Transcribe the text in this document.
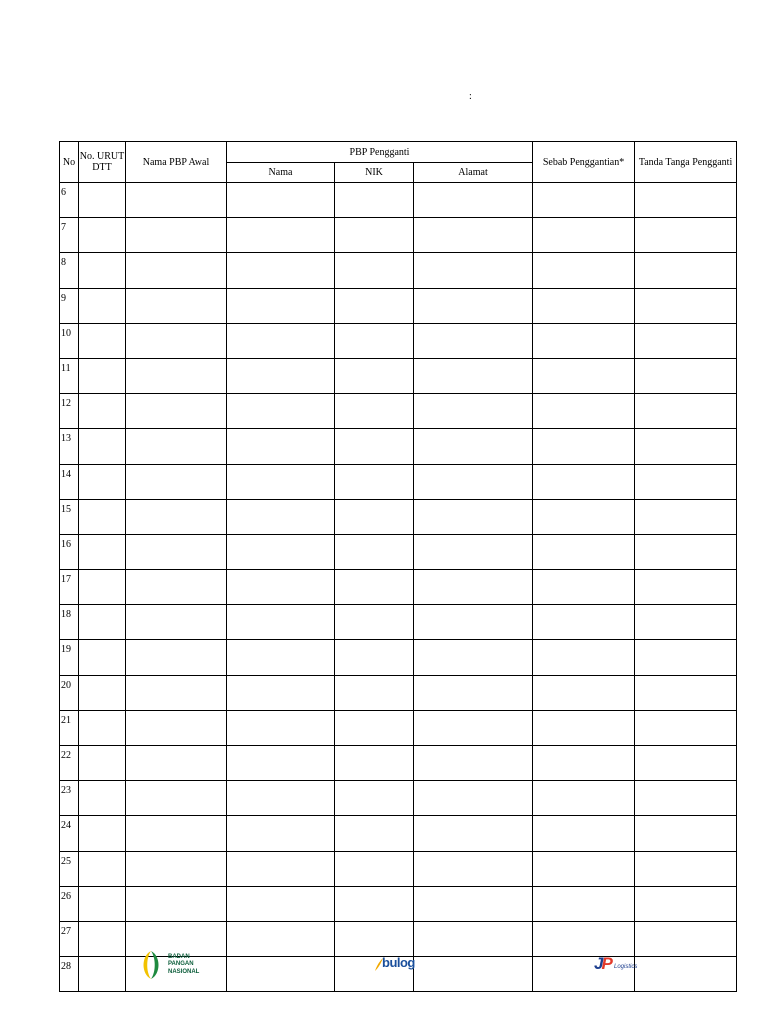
:
No	No. URUT DTT	Nama PBP Awal	PBP Pengganti			Sebab Penggantian*	Tanda Tanga Pengganti
			Nama	NIK	Alamat		
6							
7							
8							
9							
10							
11							
12							
13							
14							
15							
16							
17							
18							
19							
20							
21							
22							
23							
24							
25							
26							
27							
28							
BADAN
PANGAN
NASIONAL
bulog	JP Logistics
